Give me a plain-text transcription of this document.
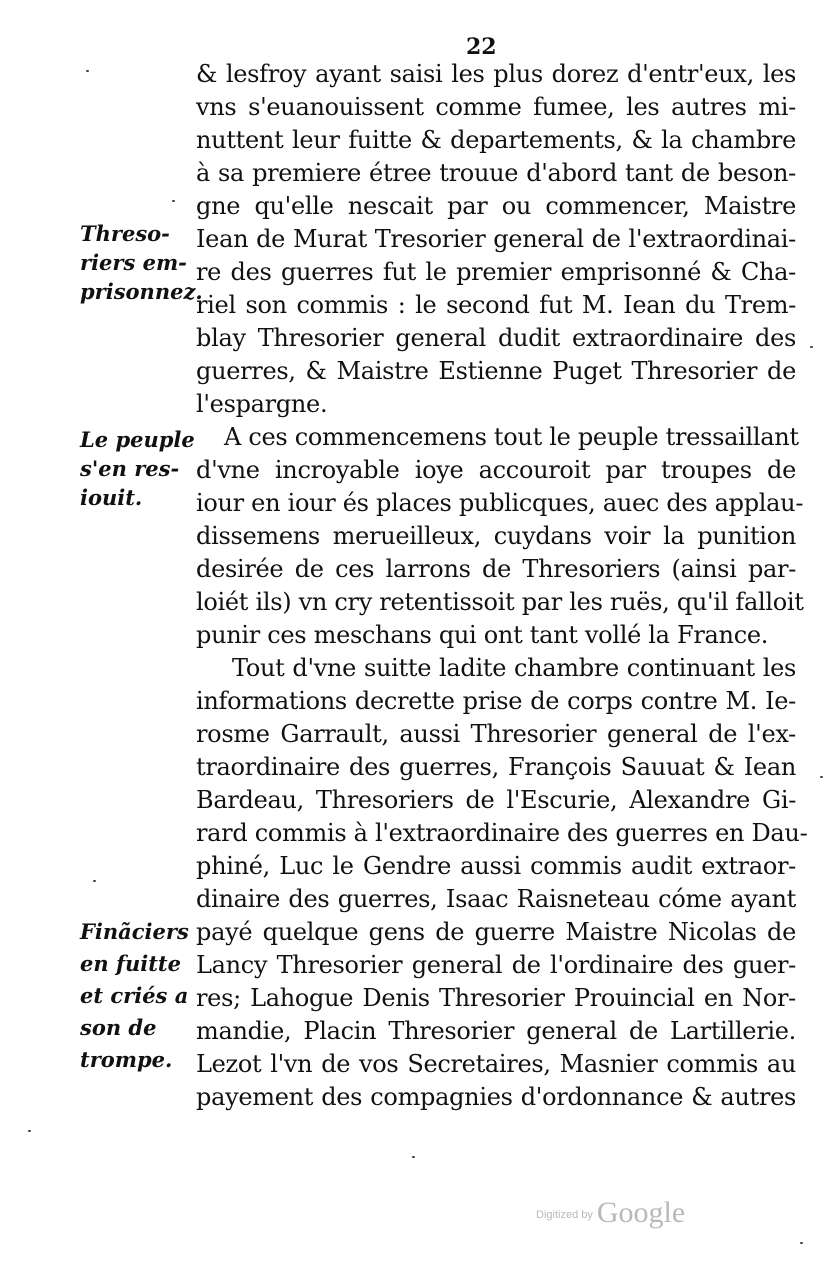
22
& lesfroy ayant saisi les plus dorez d'entr'eux, les
vns s'euanouissent comme fumee, les autres mi-
nuttent leur fuitte & departements, & la chambre
à sa premiere étree trouue d'abord tant de beson-
gne qu'elle nescait par ou commencer, Maistre
Iean de Murat Tresorier general de l'extraordinai-
re des guerres fut le premier emprisonné & Cha-
riel son commis : le second fut M. Iean du Trem-
blay Thresorier general dudit extraordinaire des
guerres, & Maistre Estienne Puget Thresorier de
l'espargne.
A ces commencemens tout le peuple tressaillant
d'vne incroyable ioye accouroit par troupes de
iour en iour és places publicques, auec des applau-
dissemens merueilleux, cuydans voir la punition
desirée de ces larrons de Thresoriers (ainsi par-
loiét ils) vn cry retentissoit par les ruës, qu'il falloit
punir ces meschans qui ont tant vollé la France.
Tout d'vne suitte ladite chambre continuant les
informations decrette prise de corps contre M. Ie-
rosme Garrault, aussi Thresorier general de l'ex-
traordinaire des guerres, François Sauuat & Iean
Bardeau, Thresoriers de l'Escurie, Alexandre Gi-
rard commis à l'extraordinaire des guerres en Dau-
phiné, Luc le Gendre aussi commis audit extraor-
dinaire des guerres, Isaac Raisneteau cóme ayant
payé quelque gens de guerre Maistre Nicolas de
Lancy Thresorier general de l'ordinaire des guer-
res; Lahogue Denis Thresorier Prouincial en Nor-
mandie, Placin Thresorier general de Lartillerie.
Lezot l'vn de vos Secretaires, Masnier commis au
payement des compagnies d'ordonnance & autres
Threso-
riers em-
prisonnez.
Le peuple
s'en res-
iouit.
Finãciers
en fuitte
et criés a
son de
trompe.
$^{Digitized by}$ Google
